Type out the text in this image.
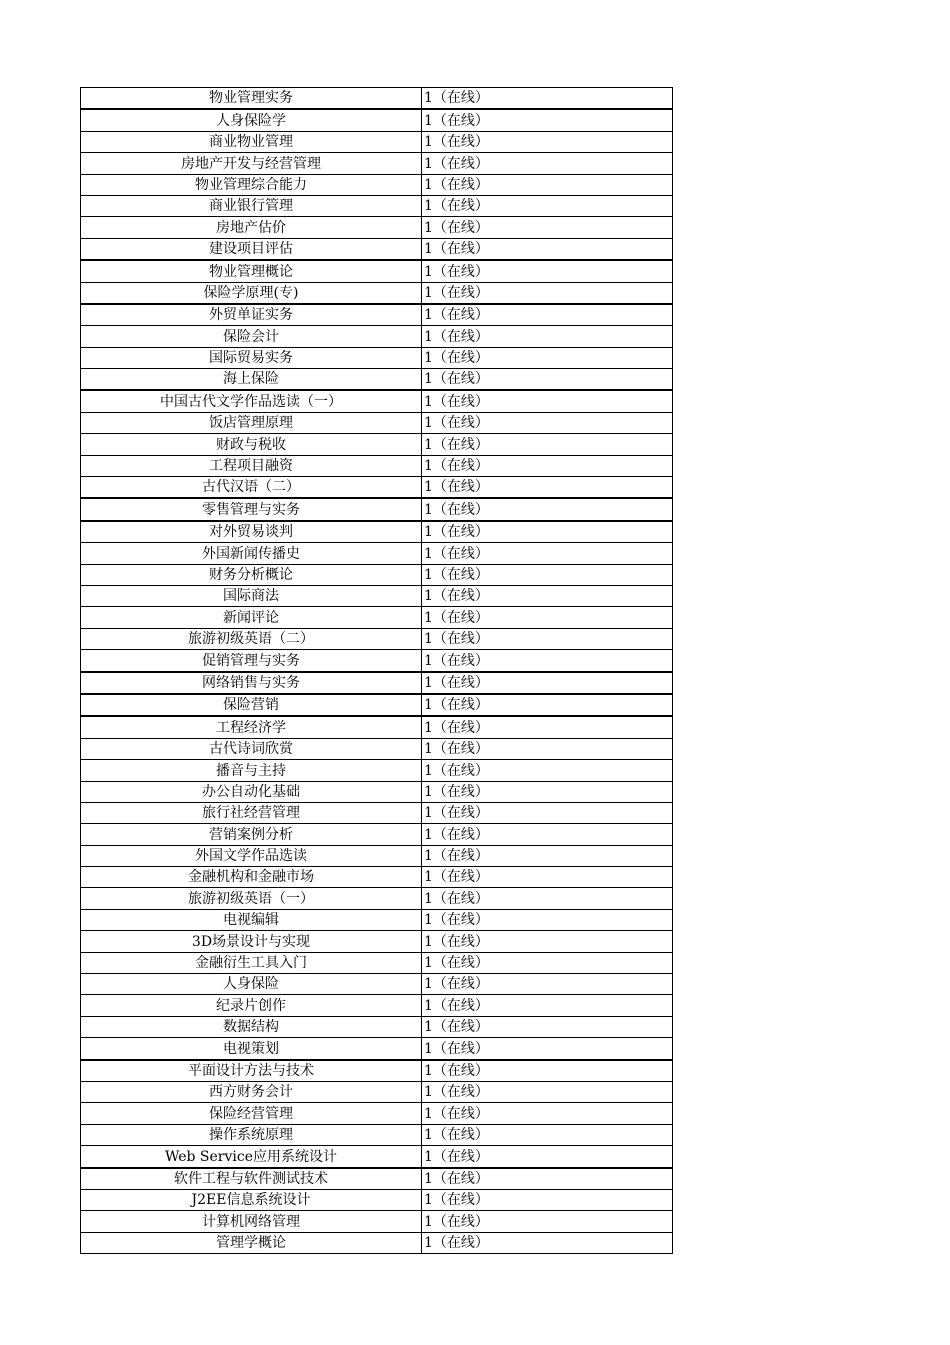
物业管理实务	1（在线）
人身保险学	1（在线）
商业物业管理	1（在线）
房地产开发与经营管理	1（在线）
物业管理综合能力	1（在线）
商业银行管理	1（在线）
房地产估价	1（在线）
建设项目评估	1（在线）
物业管理概论	1（在线）
保险学原理(专)	1（在线）
外贸单证实务	1（在线）
保险会计	1（在线）
国际贸易实务	1（在线）
海上保险	1（在线）
中国古代文学作品选读（一）	1（在线）
饭店管理原理	1（在线）
财政与税收	1（在线）
工程项目融资	1（在线）
古代汉语（二）	1（在线）
零售管理与实务	1（在线）
对外贸易谈判	1（在线）
外国新闻传播史	1（在线）
财务分析概论	1（在线）
国际商法	1（在线）
新闻评论	1（在线）
旅游初级英语（二）	1（在线）
促销管理与实务	1（在线）
网络销售与实务	1（在线）
保险营销	1（在线）
工程经济学	1（在线）
古代诗词欣赏	1（在线）
播音与主持	1（在线）
办公自动化基础	1（在线）
旅行社经营管理	1（在线）
营销案例分析	1（在线）
外国文学作品选读	1（在线）
金融机构和金融市场	1（在线）
旅游初级英语（一）	1（在线）
电视编辑	1（在线）
3D场景设计与实现	1（在线）
金融衍生工具入门	1（在线）
人身保险	1（在线）
纪录片创作	1（在线）
数据结构	1（在线）
电视策划	1（在线）
平面设计方法与技术	1（在线）
西方财务会计	1（在线）
保险经营管理	1（在线）
操作系统原理	1（在线）
Web Service应用系统设计	1（在线）
软件工程与软件测试技术	1（在线）
J2EE信息系统设计	1（在线）
计算机网络管理	1（在线）
管理学概论	1（在线）
